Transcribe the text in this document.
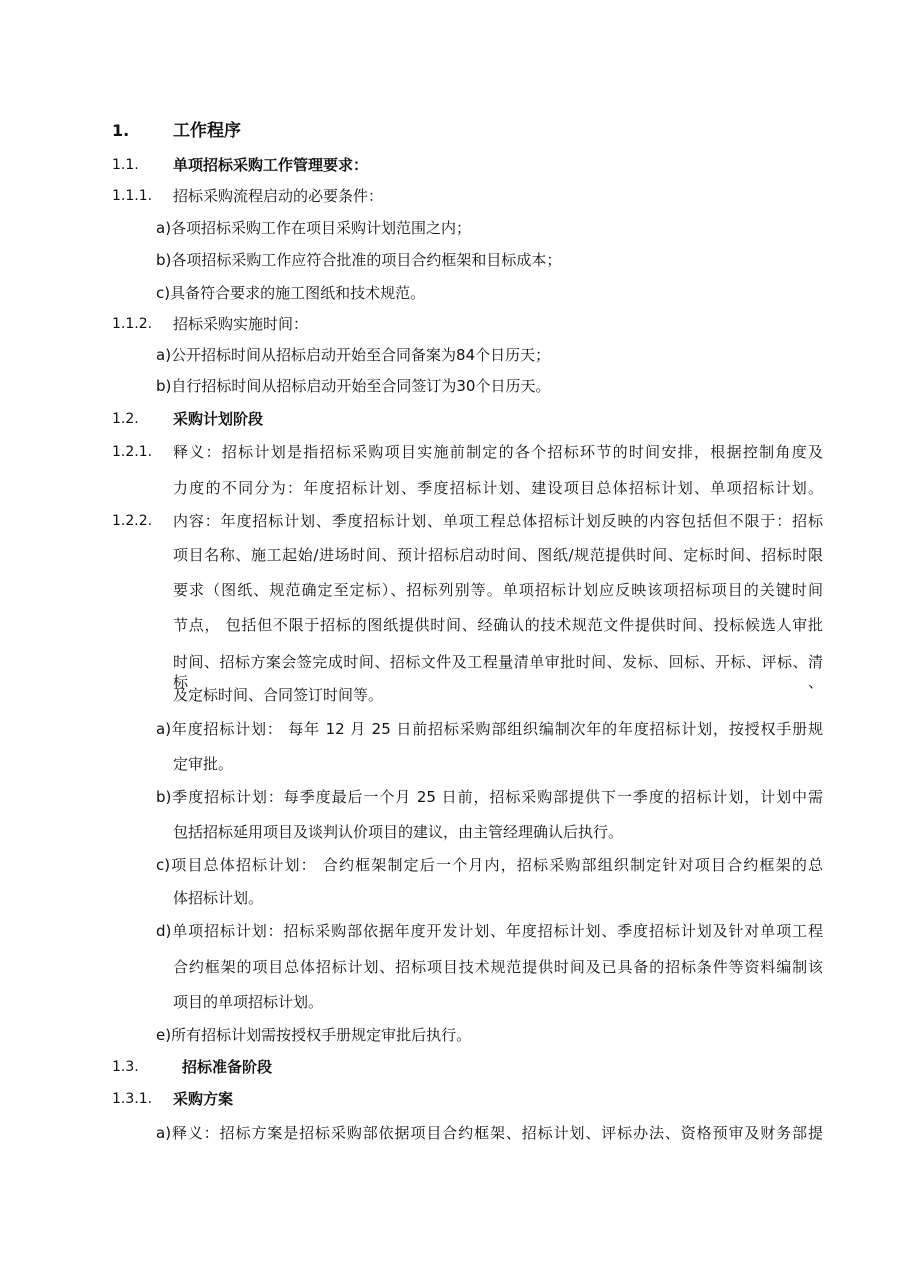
1.	工作程序
1.1. 单项招标采购工作管理要求：
1.1.1. 招标采购流程启动的必要条件：
a)各项招标采购工作在项目采购计划范围之内；
b)各项招标采购工作应符合批准的项目合约框架和目标成本；
c)具备符合要求的施工图纸和技术规范。
1.1.2. 招标采购实施时间：
a)公开招标时间从招标启动开始至合同备案为84个日历天；
b)自行招标时间从招标启动开始至合同签订为30个日历天。
1.2. 采购计划阶段
1.2.1. 释义：招标计划是指招标采购项目实施前制定的各个招标环节的时间安排，根据控制角度及
力度的不同分为：年度招标计划、季度招标计划、建设项目总体招标计划、单项招标计划。
1.2.2. 内容：年度招标计划、季度招标计划、单项工程总体招标计划反映的内容包括但不限于：招标
项目名称、施工起始/进场时间、预计招标启动时间、图纸/规范提供时间、定标时间、招标时限
要求（图纸、规范确定至定标）、招标列别等。单项招标计划应反映该项招标项目的关键时间
节点， 包括但不限于招标的图纸提供时间、经确认的技术规范文件提供时间、投标候选人审批
时间、招标方案会签完成时间、招标文件及工程量清单审批时间、发标、回标、开标、评标、清标、
及定标时间、合同签订时间等。
a)年度招标计划： 每年 12 月 25 日前招标采购部组织编制次年的年度招标计划，按授权手册规
定审批。
b)季度招标计划：每季度最后一个月 25 日前，招标采购部提供下一季度的招标计划，计划中需
包括招标延用项目及谈判认价项目的建议，由主管经理确认后执行。
c)项目总体招标计划： 合约框架制定后一个月内，招标采购部组织制定针对项目合约框架的总
体招标计划。
d)单项招标计划：招标采购部依据年度开发计划、年度招标计划、季度招标计划及针对单项工程
合约框架的项目总体招标计划、招标项目技术规范提供时间及已具备的招标条件等资料编制该
项目的单项招标计划。
e)所有招标计划需按授权手册规定审批后执行。
1.3.	招标准备阶段
1.3.1. 采购方案
a)释义：招标方案是招标采购部依据项目合约框架、招标计划、评标办法、资格预审及财务部提
